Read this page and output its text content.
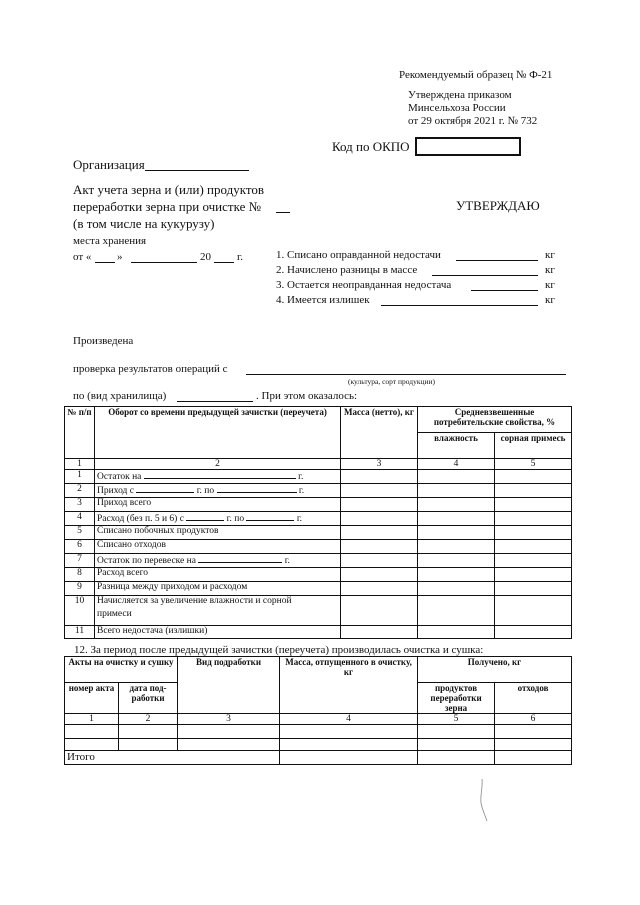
Рекомендуемый образец № Ф-21
Утверждена приказом
Минсельхоза России
от 29 октября 2021 г. № 732
Код по ОКПО
Организация
Акт учета зерна и (или) продуктов
переработки зерна при очистке №
(в том числе на кукурузу)
места хранения
от « »	20 г.
УТВЕРЖДАЮ
1. Списано оправданной недостачи	кг
2. Начислено разницы в массе	кг
3. Остается неоправданная недостача	кг
4. Имеется излишек	кг
Произведена
проверка результатов операций с
(культура, сорт продукции)
по (вид хранилища)	. При этом оказалось:
№ п/п	Оборот со времени предыдущей зачистки (переучета)	Масса (нетто), кг	Средневзвешенные потребительские свойства, %	
			влажность	сорная примесь
1	2	3	4	5
1	Остаток на г.			
2	Приход с г. по г.			
3	Приход всего			
4	Расход (без п. 5 и 6) с г. по г.			
5	Списано побочных продуктов			
6	Списано отходов			
7	Остаток по перевеске на г.			
8	Расход всего			
9	Разница между приходом и расходом			
10	Начисляется за увеличение влажности и сорной
примеси			

11	Всего недостача (излишки)			
12. За период после предыдущей зачистки (переучета) производилась очистка и сушка:
Акты на очистку и сушку		Вид подработки	Масса, отпущенного в очистку, кг	Получено, кг	
номер акта	дата под- работки			продуктов переработки зерна	отходов
1	2	3	4	5	6

Итого					
